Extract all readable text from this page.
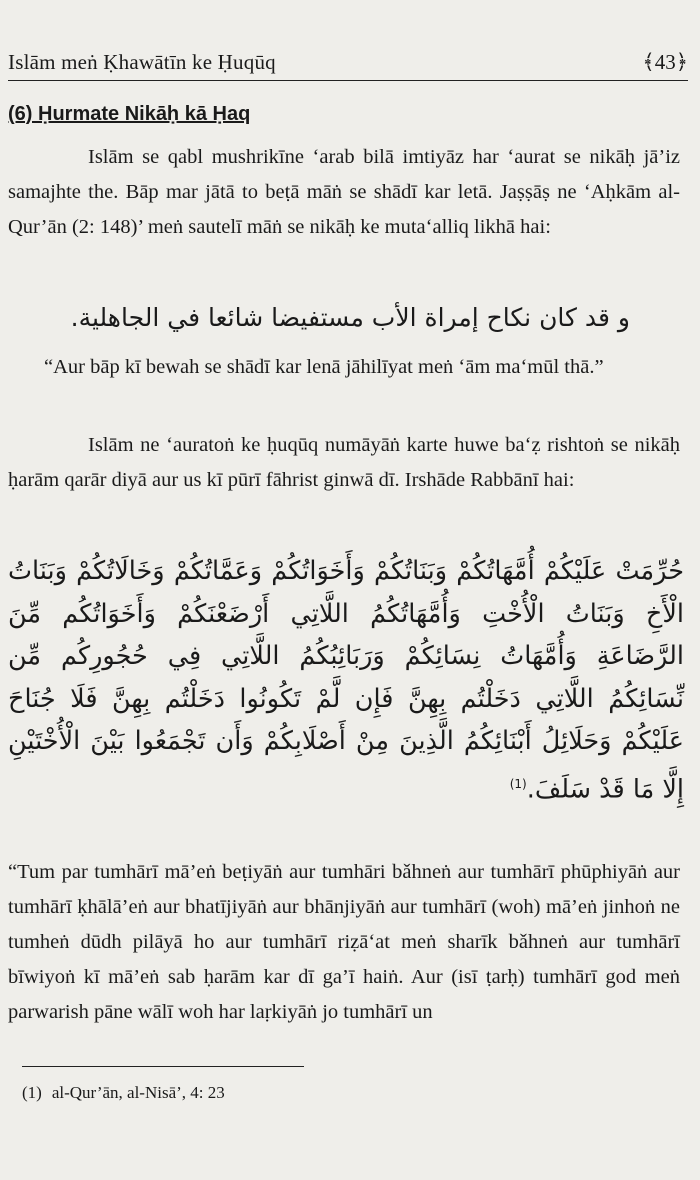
Islām meṅ Ḳhawātīn ke Ḥuqūq	﴾43﴿
(6) Ḥurmate Nikāḥ kā Ḥaq

Islām se qabl mushrikīne ‘arab bilā imtiyāz har ‘aurat se nikāḥ jā’iz samajhte the. Bāp mar jātā to beṭā māṅ se shādī kar letā. Jaṣṣāṣ ne ‘Aḥkām al-Qur’ān (2: 148)’ meṅ sautelī māṅ se nikāḥ ke muta‘alliq likhā hai:

و قد كان نكاح إمراة الأب مستفيضا شائعا في الجاهلية.

“Aur bāp kī bewah se shādī kar lenā jāhilīyat meṅ ‘ām ma‘mūl thā.”

Islām ne ‘auratoṅ ke ḥuqūq numāyāṅ karte huwe ba‘ẓ rishtoṅ se nikāḥ ḥarām qarār diyā aur us kī pūrī fāhrist ginwā dī. Irshāde Rabbānī hai:

حُرِّمَتْ عَلَيْكُمْ أُمَّهَاتُكُمْ وَبَنَاتُكُمْ وَأَخَوَاتُكُمْ وَعَمَّاتُكُمْ وَخَالَاتُكُمْ وَبَنَاتُ الْأَخِ وَبَنَاتُ الْأُخْتِ وَأُمَّهَاتُكُمُ اللَّاتِي أَرْضَعْنَكُمْ وَأَخَوَاتُكُم مِّنَ الرَّضَاعَةِ وَأُمَّهَاتُ نِسَائِكُمْ وَرَبَائِبُكُمُ اللَّاتِي فِي حُجُورِكُم مِّن نِّسَائِكُمُ اللَّاتِي دَخَلْتُم بِهِنَّ فَإِن لَّمْ تَكُونُوا دَخَلْتُم بِهِنَّ فَلَا جُنَاحَ عَلَيْكُمْ وَحَلَائِلُ أَبْنَائِكُمُ الَّذِينَ مِنْ أَصْلَابِكُمْ وَأَن تَجْمَعُوا بَيْنَ الْأُخْتَيْنِ إِلَّا مَا قَدْ سَلَفَ.$^{(1)}$

“Tum par tumhārī mā’eṅ beṭiyāṅ aur tumhāri bǎhneṅ aur tumhārī phūphiyāṅ aur tumhārī ḳhālā’eṅ aur bhatījiyāṅ aur bhānjiyāṅ aur tumhārī (woh) mā’eṅ jinhoṅ ne tumheṅ dūdh pilāyā ho aur tumhārī riẓā‘at meṅ sharīk bǎhneṅ aur tumhārī bīwiyoṅ kī mā’eṅ sab ḥarām kar dī ga’ī haiṅ. Aur (isī ṭarḥ) tumhārī god meṅ parwarish pāne wālī woh har laṛkiyāṅ jo tumhārī un

(1) al-Qur’ān, al-Nisā’, 4: 23
